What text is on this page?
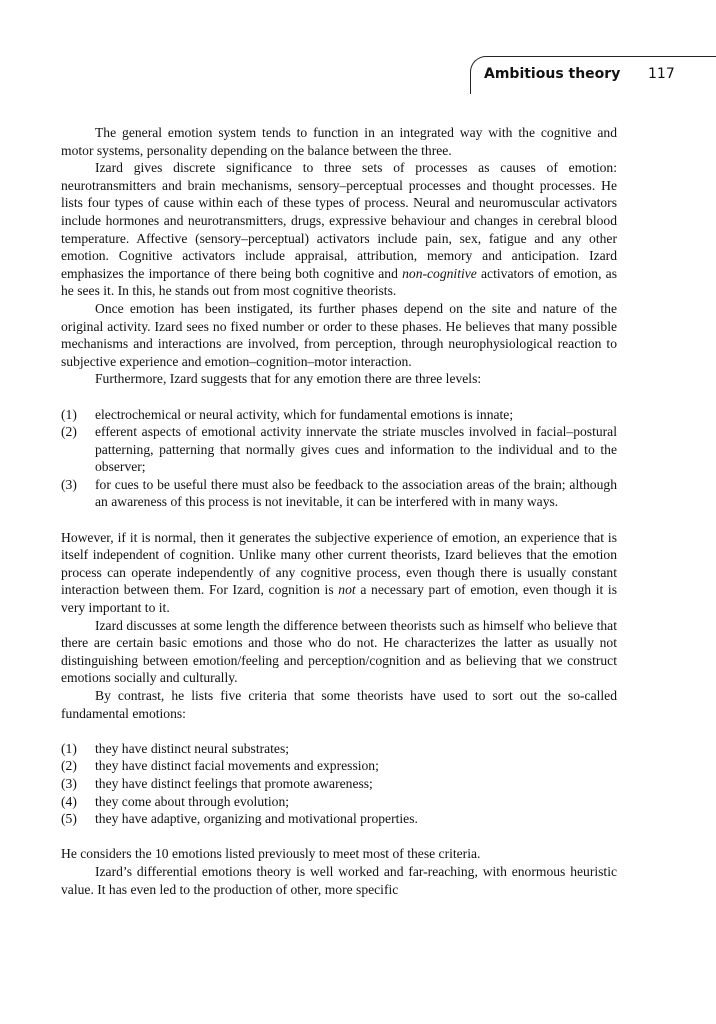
Ambitious theory 117

The general emotion system tends to function in an integrated way with the cognitive and motor systems, personality depending on the balance between the three.

Izard gives discrete significance to three sets of processes as causes of emotion: neurotransmitters and brain mechanisms, sensory–perceptual processes and thought processes. He lists four types of cause within each of these types of process. Neural and neuromuscular activators include hormones and neurotransmitters, drugs, expressive behaviour and changes in cerebral blood temperature. Affective (sensory–perceptual) activators include pain, sex, fatigue and any other emotion. Cognitive activators include appraisal, attribution, memory and anticipation. Izard emphasizes the importance of there being both cognitive and non-cognitive activators of emotion, as he sees it. In this, he stands out from most cognitive theorists.

Once emotion has been instigated, its further phases depend on the site and nature of the original activity. Izard sees no fixed number or order to these phases. He believes that many possible mechanisms and interactions are involved, from perception, through neurophysiological reaction to subjective experience and emotion–cognition–motor interaction.

Furthermore, Izard suggests that for any emotion there are three levels:

(1)	electrochemical or neural activity, which for fundamental emotions is innate;
(2)	efferent aspects of emotional activity innervate the striate muscles involved in facial–postural patterning, patterning that normally gives cues and information to the individual and to the observer;
(3)	for cues to be useful there must also be feedback to the association areas of the brain; although an awareness of this process is not inevitable, it can be interfered with in many ways.

However, if it is normal, then it generates the subjective experience of emotion, an experience that is itself independent of cognition. Unlike many other current theorists, Izard believes that the emotion process can operate independently of any cognitive process, even though there is usually constant interaction between them. For Izard, cognition is not a necessary part of emotion, even though it is very important to it.

Izard discusses at some length the difference between theorists such as himself who believe that there are certain basic emotions and those who do not. He characterizes the latter as usually not distinguishing between emotion/feeling and perception/cognition and as believing that we construct emotions socially and culturally.

By contrast, he lists five criteria that some theorists have used to sort out the so-called fundamental emotions:

(1)	they have distinct neural substrates;
(2)	they have distinct facial movements and expression;
(3)	they have distinct feelings that promote awareness;
(4)	they come about through evolution;
(5)	they have adaptive, organizing and motivational properties.

He considers the 10 emotions listed previously to meet most of these criteria.

Izard’s differential emotions theory is well worked and far-reaching, with enormous heuristic value. It has even led to the production of other, more specific
